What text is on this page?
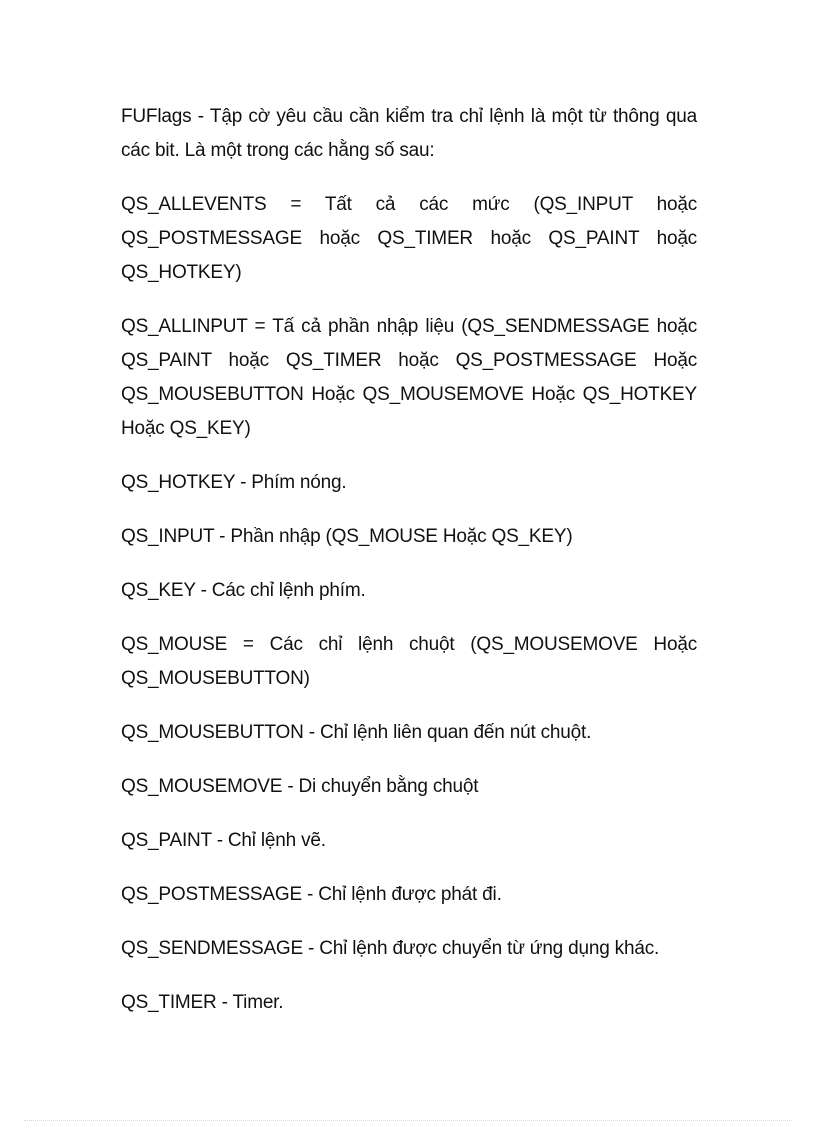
FUFlags - Tập cờ yêu cầu cần kiểm tra chỉ lệnh là một từ thông qua các bit. Là một trong các hằng số sau:

QS_ALLEVENTS = Tất cả các mức (QS_INPUT hoặc QS_POSTMESSAGE hoặc QS_TIMER hoặc QS_PAINT hoặc QS_HOTKEY)

QS_ALLINPUT = Tấ cả phần nhập liệu (QS_SENDMESSAGE hoặc QS_PAINT hoặc QS_TIMER hoặc QS_POSTMESSAGE Hoặc QS_MOUSEBUTTON Hoặc QS_MOUSEMOVE Hoặc QS_HOTKEY Hoặc QS_KEY)

QS_HOTKEY - Phím nóng.

QS_INPUT - Phần nhập (QS_MOUSE Hoặc QS_KEY)

QS_KEY - Các chỉ lệnh phím.

QS_MOUSE = Các chỉ lệnh chuột (QS_MOUSEMOVE Hoặc QS_MOUSEBUTTON)

QS_MOUSEBUTTON - Chỉ lệnh liên quan đến nút chuột.

QS_MOUSEMOVE - Di chuyển bằng chuột

QS_PAINT - Chỉ lệnh vẽ.

QS_POSTMESSAGE - Chỉ lệnh được phát đi.

QS_SENDMESSAGE - Chỉ lệnh được chuyển từ ứng dụng khác.

QS_TIMER - Timer.
